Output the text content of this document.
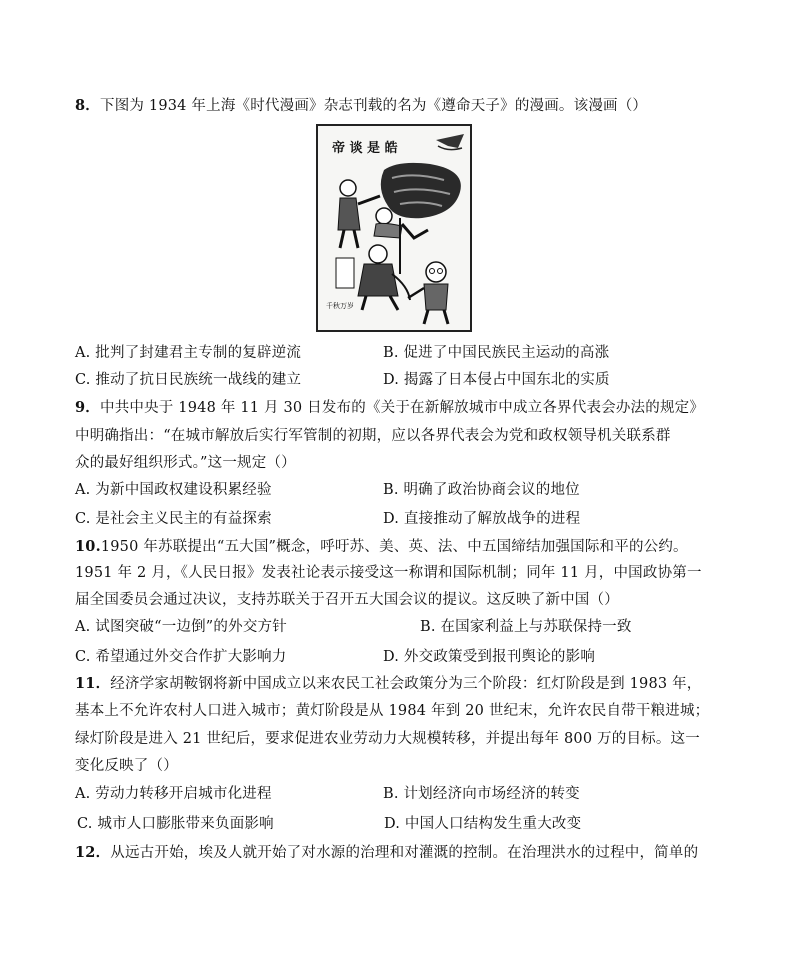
8．下图为 1934 年上海《时代漫画》杂志刊载的名为《遵命天子》的漫画。该漫画（）
帝 谈 是 皓
千秋万岁
A. 批判了封建君主专制的复辟逆流	B. 促进了中国民族民主运动的高涨
C. 推动了抗日民族统一战线的建立	D. 揭露了日本侵占中国东北的实质
9．中共中央于 1948 年 11 月 30 日发布的《关于在新解放城市中成立各界代表会办法的规定》
中明确指出：“在城市解放后实行军管制的初期，应以各界代表会为党和政权领导机关联系群
众的最好组织形式。”这一规定（）
A. 为新中国政权建设积累经验	B. 明确了政治协商会议的地位
C. 是社会主义民主的有益探索	D. 直接推动了解放战争的进程
10.1950 年苏联提出“五大国”概念，呼吁苏、美、英、法、中五国缔结加强国际和平的公约。
1951 年 2 月，《人民日报》发表社论表示接受这一称谓和国际机制；同年 11 月，中国政协第一
届全国委员会通过决议，支持苏联关于召开五大国会议的提议。这反映了新中国（）
A. 试图突破“一边倒”的外交方针	B. 在国家利益上与苏联保持一致
C. 希望通过外交合作扩大影响力	D. 外交政策受到报刊舆论的影响
11．经济学家胡鞍钢将新中国成立以来农民工社会政策分为三个阶段：红灯阶段是到 1983 年，
基本上不允许农村人口进入城市；黄灯阶段是从 1984 年到 20 世纪末，允许农民自带干粮进城；
绿灯阶段是进入 21 世纪后，要求促进农业劳动力大规模转移，并提出每年 800 万的目标。这一
变化反映了（）
A. 劳动力转移开启城市化进程	B. 计划经济向市场经济的转变
C. 城市人口膨胀带来负面影响	D. 中国人口结构发生重大改变
12．从远古开始，埃及人就开始了对水源的治理和对灌溉的控制。在治理洪水的过程中，简单的
